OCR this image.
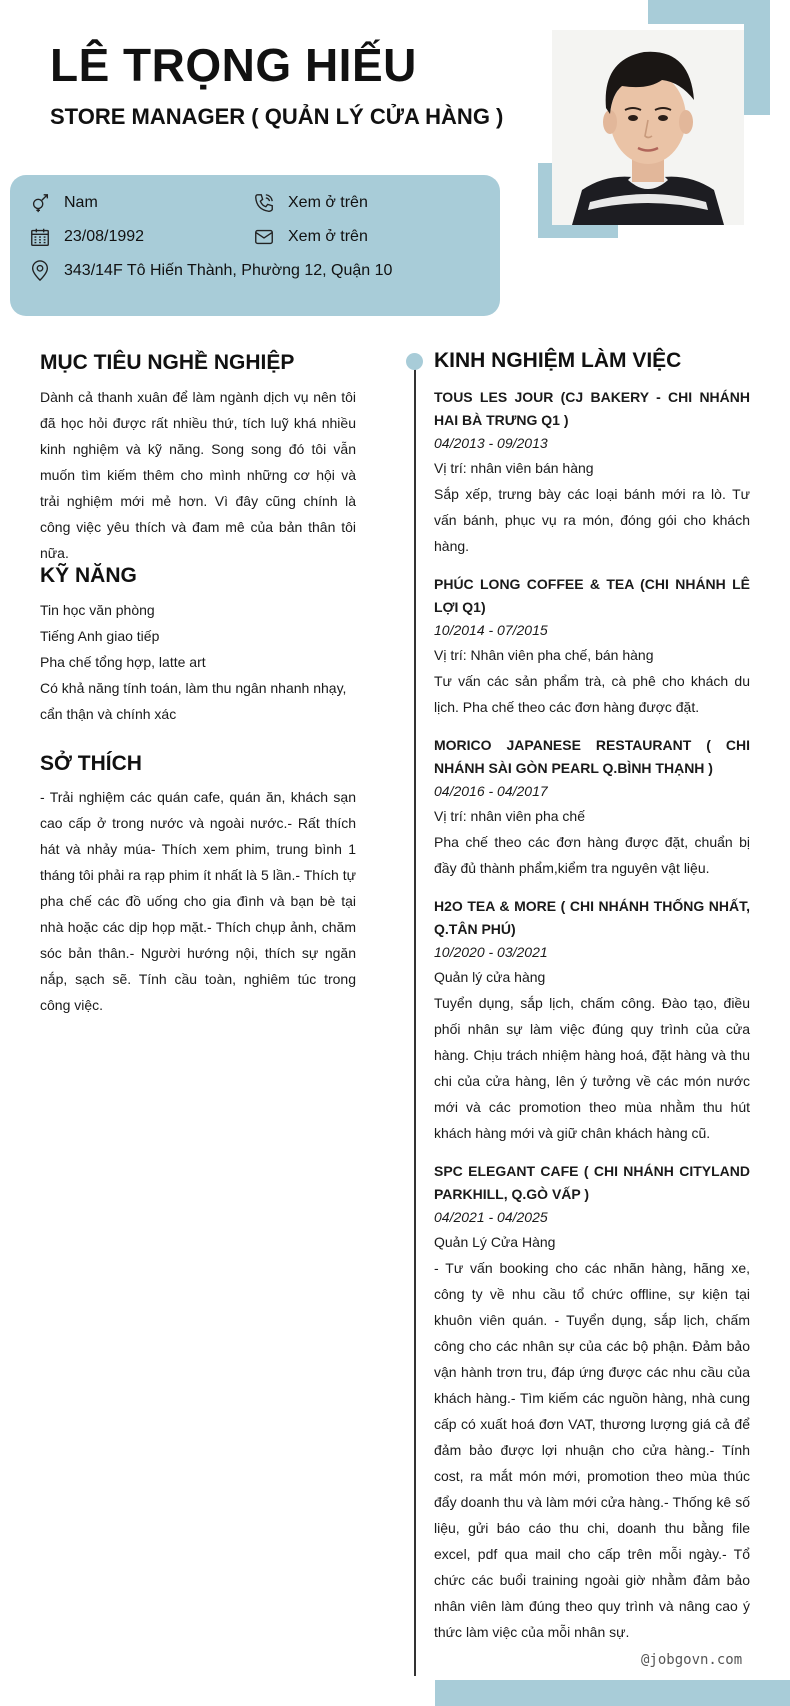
LÊ TRỌNG HIẾU
STORE MANAGER ( QUẢN LÝ CỬA HÀNG )
Nam	Xem ở trên
23/08/1992	Xem ở trên
343/14F Tô Hiến Thành, Phường 12, Quận 10
MỤC TIÊU NGHỀ NGHIỆP
Dành cả thanh xuân để làm ngành dịch vụ nên tôi đã học hỏi được rất nhiều thứ, tích luỹ khá nhiều kinh nghiệm và kỹ năng. Song song đó tôi vẫn muốn tìm kiếm thêm cho mình những cơ hội và trải nghiệm mới mẻ hơn. Vì đây cũng chính là công việc yêu thích và đam mê của bản thân tôi nữa.
KỸ NĂNG
Tin học văn phòng
Tiếng Anh giao tiếp
Pha chế tổng hợp, latte art
Có khả năng tính toán, làm thu ngân nhanh nhạy, cẩn thận và chính xác
SỞ THÍCH
- Trải nghiệm các quán cafe, quán ăn, khách sạn cao cấp ở trong nước và ngoài nước.- Rất thích hát và nhảy múa- Thích xem phim, trung bình 1 tháng tôi phải ra rạp phim ít nhất là 5 lần.- Thích tự pha chế các đồ uống cho gia đình và bạn bè tại nhà hoặc các dịp họp mặt.- Thích chụp ảnh, chăm sóc bản thân.- Người hướng nội, thích sự ngăn nắp, sạch sẽ. Tính cầu toàn, nghiêm túc trong công việc.
KINH NGHIỆM LÀM VIỆC
TOUS LES JOUR (CJ BAKERY - CHI NHÁNH HAI BÀ TRƯNG Q1 )
04/2013 - 09/2013
Vị trí: nhân viên bán hàng
Sắp xếp, trưng bày các loại bánh mới ra lò. Tư vấn bánh, phục vụ ra món, đóng gói cho khách hàng.
PHÚC LONG COFFEE & TEA (CHI NHÁNH LÊ LỢI Q1)
10/2014 - 07/2015
Vị trí: Nhân viên pha chế, bán hàng
Tư vấn các sản phẩm trà, cà phê cho khách du lịch. Pha chế theo các đơn hàng được đặt.
MORICO JAPANESE RESTAURANT ( CHI NHÁNH SÀI GÒN PEARL Q.BÌNH THẠNH )
04/2016 - 04/2017
Vị trí: nhân viên pha chế
Pha chế theo các đơn hàng được đặt, chuẩn bị đầy đủ thành phẩm,kiểm tra nguyên vật liệu.
H2O TEA & MORE ( CHI NHÁNH THỐNG NHẤT, Q.TÂN PHÚ)
10/2020 - 03/2021
Quản lý cửa hàng
Tuyển dụng, sắp lịch, chấm công. Đào tạo, điều phối nhân sự làm việc đúng quy trình của cửa hàng. Chịu trách nhiệm hàng hoá, đặt hàng và thu chi của cửa hàng, lên ý tưởng về các món nước mới và các promotion theo mùa nhằm thu hút khách hàng mới và giữ chân khách hàng cũ.
SPC ELEGANT CAFE ( CHI NHÁNH CITYLAND PARKHILL, Q.GÒ VẤP )
04/2021 - 04/2025
Quản Lý Cửa Hàng
- Tư vấn booking cho các nhãn hàng, hãng xe, công ty về nhu cầu tổ chức offline, sự kiện tại khuôn viên quán. - Tuyển dụng, sắp lịch, chấm công cho các nhân sự của các bộ phận. Đảm bảo vận hành trơn tru, đáp ứng được các nhu cầu của khách hàng.- Tìm kiếm các nguồn hàng, nhà cung cấp có xuất hoá đơn VAT, thương lượng giá cả để đảm bảo được lợi nhuận cho cửa hàng.- Tính cost, ra mắt món mới, promotion theo mùa thúc đẩy doanh thu và làm mới cửa hàng.- Thống kê số liệu, gửi báo cáo thu chi, doanh thu bằng file excel, pdf qua mail cho cấp trên mỗi ngày.- Tổ chức các buổi training ngoài giờ nhằm đảm bảo nhân viên làm đúng theo quy trình và nâng cao ý thức làm việc của mỗi nhân sự.
@jobgovn.com
